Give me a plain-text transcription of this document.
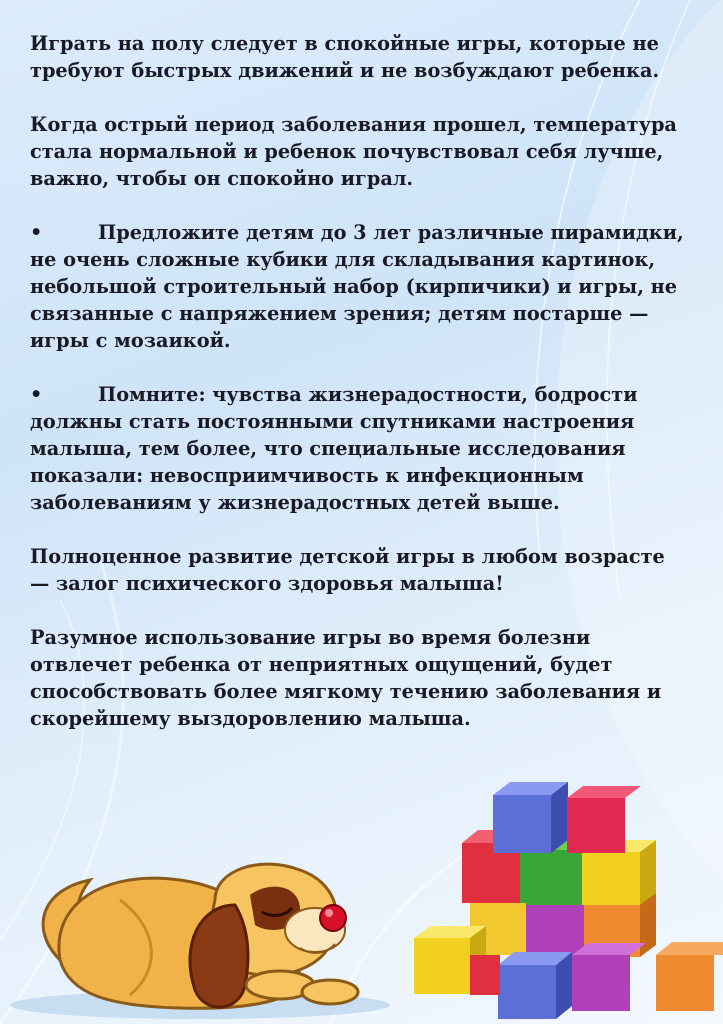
Играть на полу следует в спокойные игры, которые не требуют быстрых движений и не возбуждают ребенка.

Когда острый период заболевания прошел, температура стала нормальной и ребенок почувствовал себя лучше, важно, чтобы он спокойно играл.

•	Предложите детям до 3 лет различные пирамидки, не очень сложные кубики для складывания картинок, небольшой строительный набор (кирпичики) и игры, не связанные с напряжением зрения; детям постарше — игры с мозаикой.
•	Помните: чувства жизнерадостности, бодрости должны стать постоянными спутниками настроения малыша, тем более, что специальные исследования показали: невосприимчивость к инфекционным заболеваниям у жизнерадостных детей выше.

Полноценное развитие детской игры в любом возрасте — залог психического здоровья малыша!

Разумное использование игры во время болезни отвлечет ребенка от неприятных ощущений, будет способствовать более мягкому течению заболевания и скорейшему выздоровлению малыша.
